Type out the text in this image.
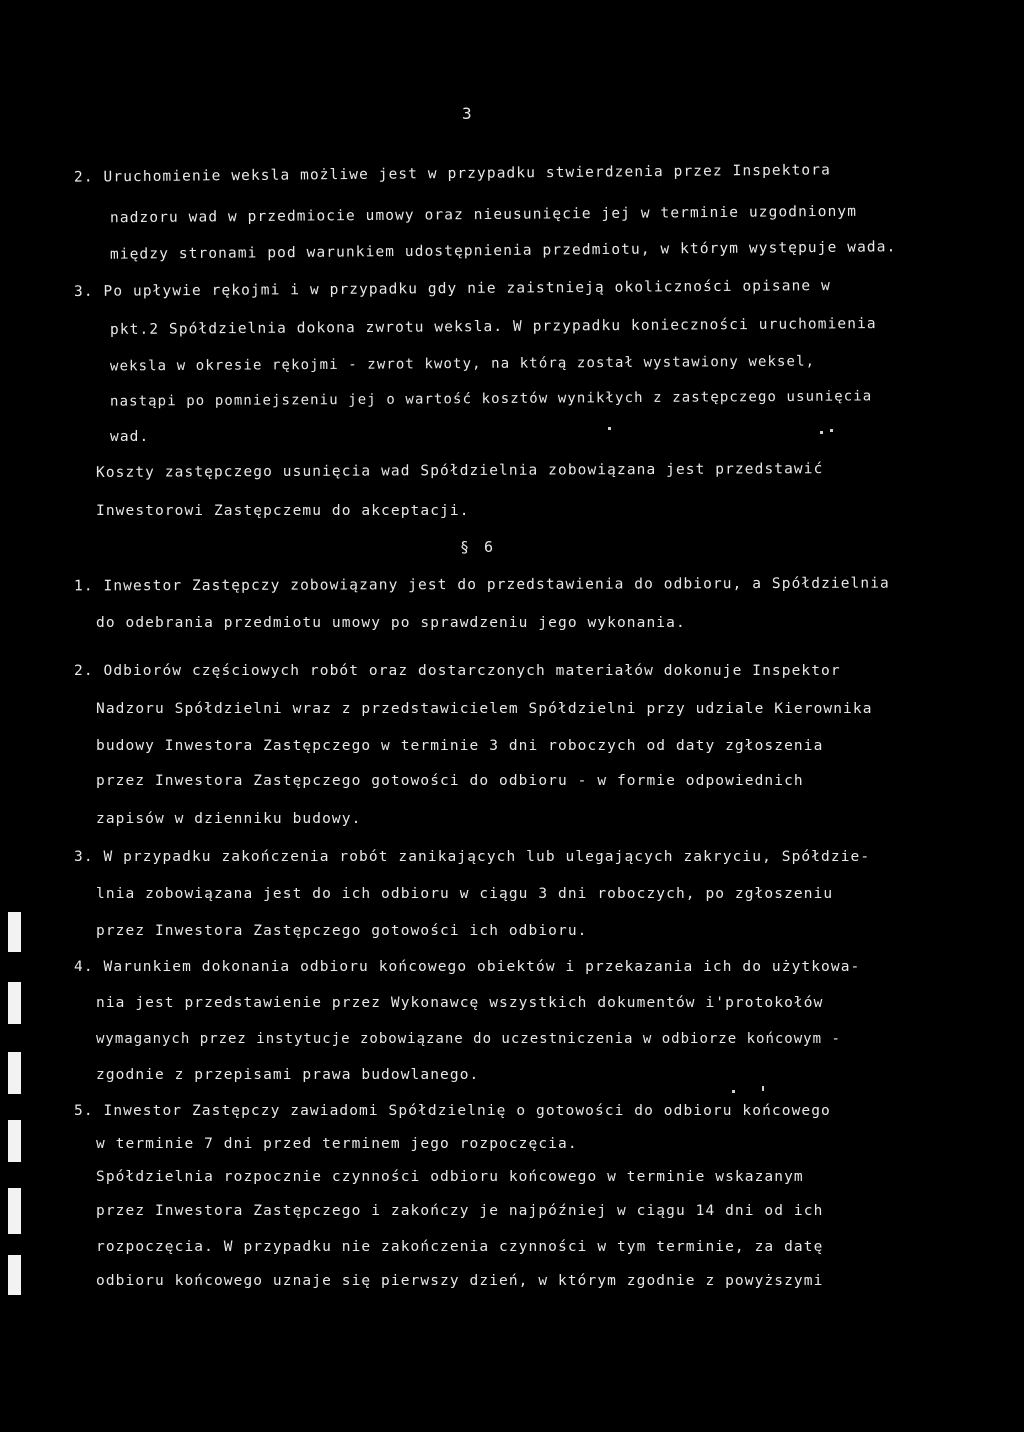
3
2. Uruchomienie weksla możliwe jest w przypadku stwierdzenia przez Inspektora
nadzoru wad w przedmiocie umowy oraz nieusunięcie jej w terminie uzgodnionym
między stronami pod warunkiem udostępnienia przedmiotu, w którym występuje wada.
3. Po upływie rękojmi i w przypadku gdy nie zaistnieją okoliczności opisane w
pkt.2 Spółdzielnia dokona zwrotu weksla. W przypadku konieczności uruchomienia
weksla w okresie rękojmi - zwrot kwoty, na którą został wystawiony weksel,
nastąpi po pomniejszeniu jej o wartość kosztów wynikłych z zastępczego usunięcia
wad.
Koszty zastępczego usunięcia wad Spółdzielnia zobowiązana jest przedstawić
Inwestorowi Zastępczemu do akceptacji.
§ 6
1. Inwestor Zastępczy zobowiązany jest do przedstawienia do odbioru, a Spółdzielnia
do odebrania przedmiotu umowy po sprawdzeniu jego wykonania.
2. Odbiorów częściowych robót oraz dostarczonych materiałów dokonuje Inspektor
Nadzoru Spółdzielni wraz z przedstawicielem Spółdzielni przy udziale Kierownika
budowy Inwestora Zastępczego w terminie 3 dni roboczych od daty zgłoszenia
przez Inwestora Zastępczego gotowości do odbioru - w formie odpowiednich
zapisów w dzienniku budowy.
3. W przypadku zakończenia robót zanikających lub ulegających zakryciu, Spółdzie-
lnia zobowiązana jest do ich odbioru w ciągu 3 dni roboczych, po zgłoszeniu
przez Inwestora Zastępczego gotowości ich odbioru.
4. Warunkiem dokonania odbioru końcowego obiektów i przekazania ich do użytkowa-
nia jest przedstawienie przez Wykonawcę wszystkich dokumentów i'protokołów
wymaganych przez instytucje zobowiązane do uczestniczenia w odbiorze końcowym -
zgodnie z przepisami prawa budowlanego.
5. Inwestor Zastępczy zawiadomi Spółdzielnię o gotowości do odbioru końcowego
w terminie 7 dni przed terminem jego rozpoczęcia.
Spółdzielnia rozpocznie czynności odbioru końcowego w terminie wskazanym
przez Inwestora Zastępczego i zakończy je najpóźniej w ciągu 14 dni od ich
rozpoczęcia. W przypadku nie zakończenia czynności w tym terminie, za datę
odbioru końcowego uznaje się pierwszy dzień, w którym zgodnie z powyższymi
